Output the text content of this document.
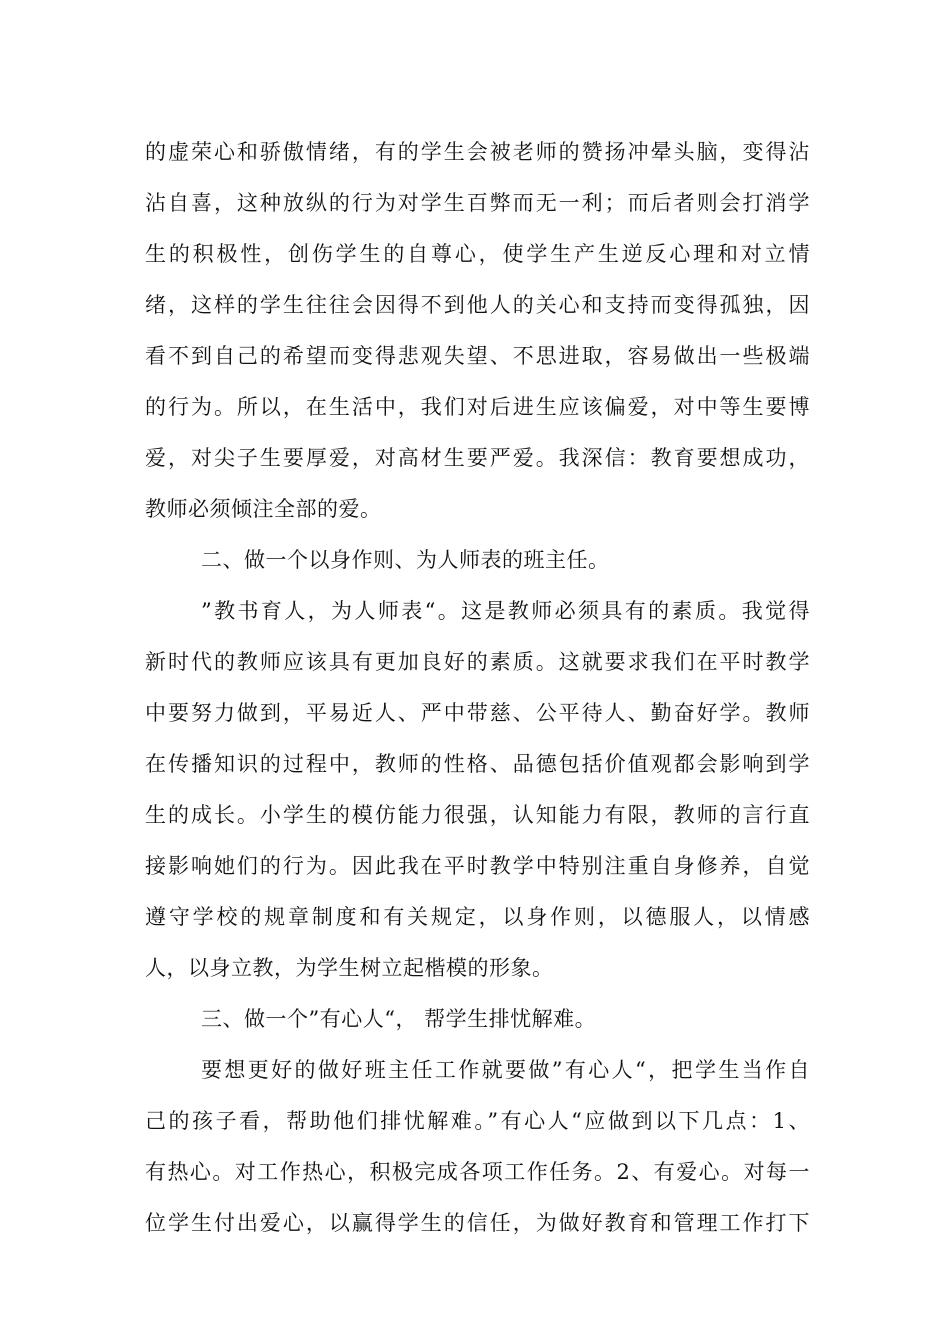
的虚荣心和骄傲情绪，有的学生会被老师的赞扬冲晕头脑，变得沾
沾自喜，这种放纵的行为对学生百弊而无一利；而后者则会打消学
生的积极性，创伤学生的自尊心，使学生产生逆反心理和对立情
绪，这样的学生往往会因得不到他人的关心和支持而变得孤独，因
看不到自己的希望而变得悲观失望、不思进取，容易做出一些极端
的行为。所以，在生活中，我们对后进生应该偏爱，对中等生要博
爱，对尖子生要厚爱，对高材生要严爱。我深信：教育要想成功，
教师必须倾注全部的爱。
二、做一个以身作则、为人师表的班主任。
”教书育人，为人师表“。这是教师必须具有的素质。我觉得
新时代的教师应该具有更加良好的素质。这就要求我们在平时教学
中要努力做到，平易近人、严中带慈、公平待人、勤奋好学。教师
在传播知识的过程中，教师的性格、品德包括价值观都会影响到学
生的成长。小学生的模仿能力很强，认知能力有限，教师的言行直
接影响她们的行为。因此我在平时教学中特别注重自身修养，自觉
遵守学校的规章制度和有关规定，以身作则，以德服人，以情感
人，以身立教，为学生树立起楷模的形象。
三、做一个”有心人“， 帮学生排忧解难。
要想更好的做好班主任工作就要做”有心人“，把学生当作自
己的孩子看，帮助他们排忧解难。”有心人“应做到以下几点：1、
有热心。对工作热心，积极完成各项工作任务。2、有爱心。对每一
位学生付出爱心，以赢得学生的信任，为做好教育和管理工作打下
